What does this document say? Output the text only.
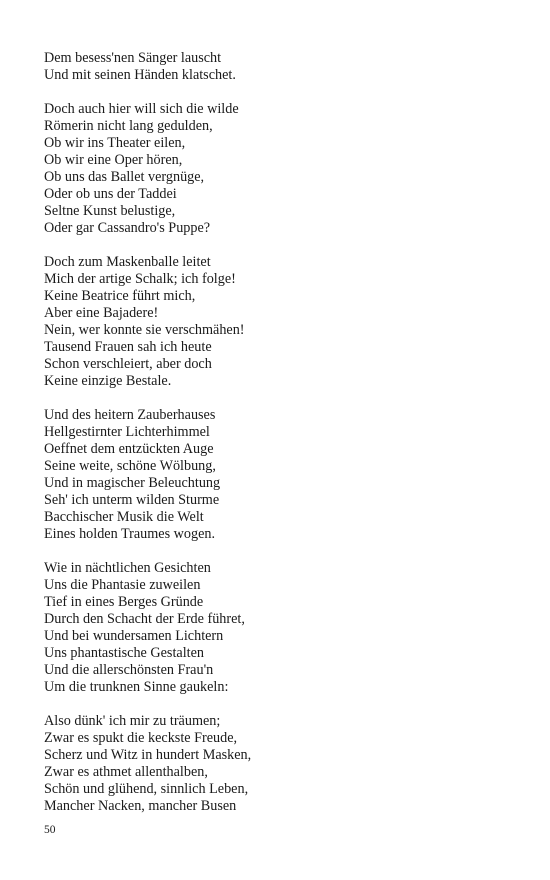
Dem besess'nen Sänger lauscht
Und mit seinen Händen klatschet.
Doch auch hier will sich die wilde
Römerin nicht lang gedulden,
Ob wir ins Theater eilen,
Ob wir eine Oper hören,
Ob uns das Ballet vergnüge,
Oder ob uns der Taddei
Seltne Kunst belustige,
Oder gar Cassandro's Puppe?
Doch zum Maskenballe leitet
Mich der artige Schalk; ich folge!
Keine Beatrice führt mich,
Aber eine Bajadere!
Nein, wer konnte sie verschmähen!
Tausend Frauen sah ich heute
Schon verschleiert, aber doch
Keine einzige Bestale.
Und des heitern Zauberhauses
Hellgestirnter Lichterhimmel
Oeffnet dem entzückten Auge
Seine weite, schöne Wölbung,
Und in magischer Beleuchtung
Seh' ich unterm wilden Sturme
Bacchischer Musik die Welt
Eines holden Traumes wogen.
Wie in nächtlichen Gesichten
Uns die Phantasie zuweilen
Tief in eines Berges Gründe
Durch den Schacht der Erde führet,
Und bei wundersamen Lichtern
Uns phantastische Gestalten
Und die allerschönsten Frau'n
Um die trunknen Sinne gaukeln:
Also dünk' ich mir zu träumen;
Zwar es spukt die keckste Freude,
Scherz und Witz in hundert Masken,
Zwar es athmet allenthalben,
Schön und glühend, sinnlich Leben,
Mancher Nacken, mancher Busen
50
